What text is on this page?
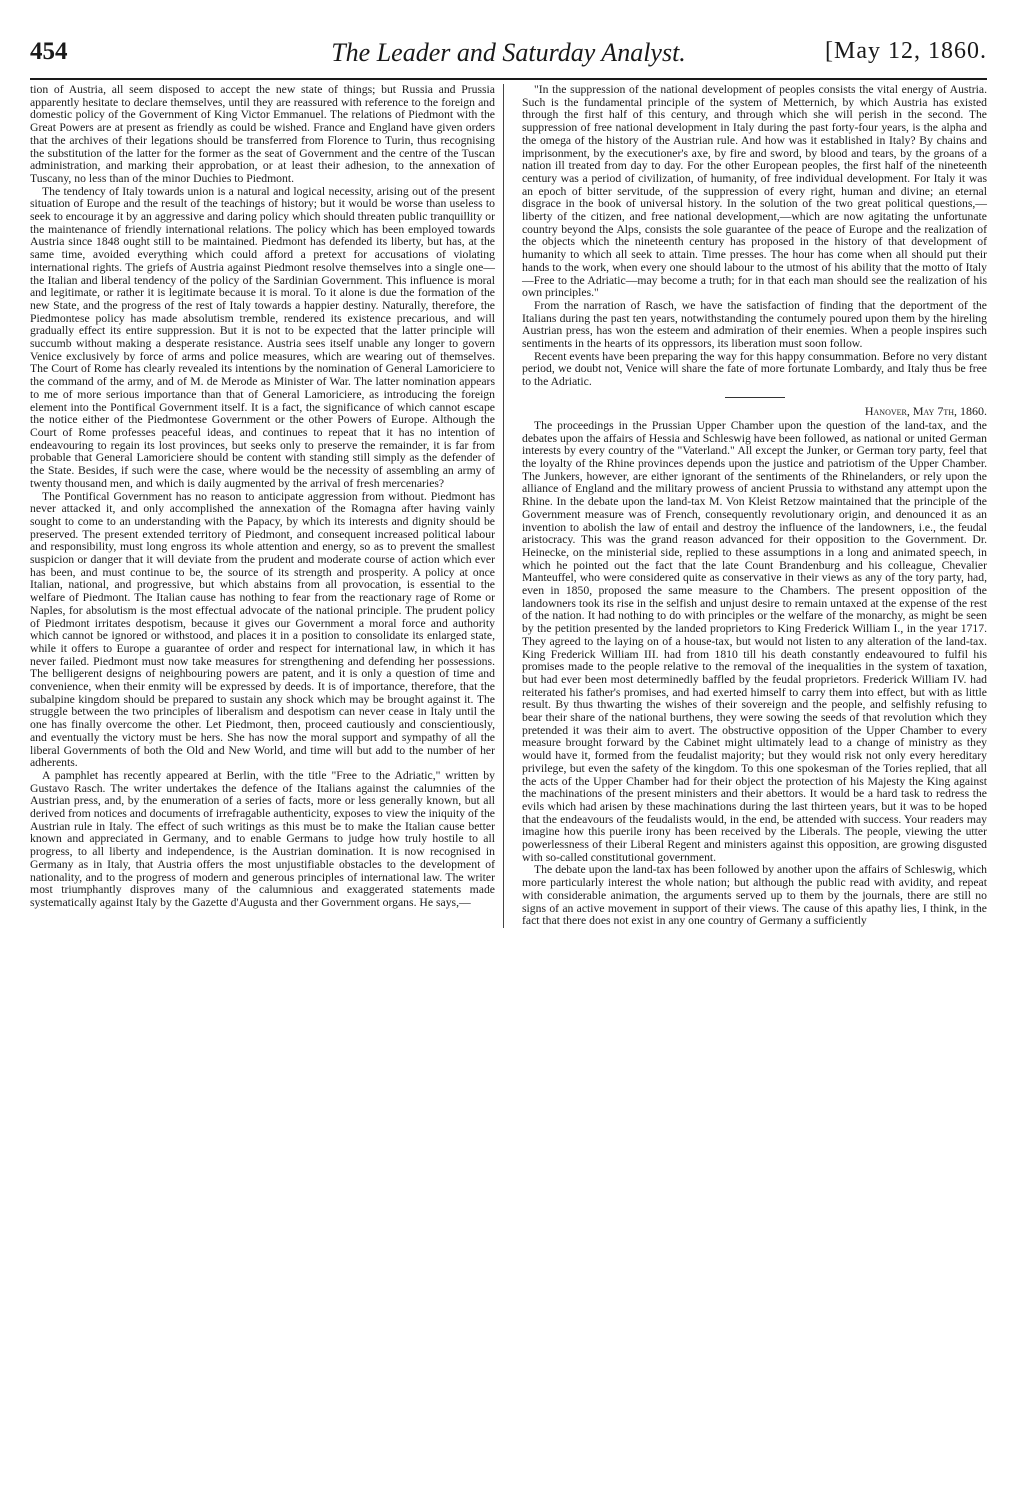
454	The Leader and Saturday Analyst.	[May 12, 1860.

tion of Austria, all seem disposed to accept the new state of things; but Russia and Prussia apparently hesitate to declare themselves, until they are reassured with reference to the foreign and domestic policy of the Government of King Victor Emmanuel. The relations of Piedmont with the Great Powers are at present as friendly as could be wished. France and England have given orders that the archives of their legations should be transferred from Florence to Turin, thus recognising the substitution of the latter for the former as the seat of Government and the centre of the Tuscan administration, and marking their approbation, or at least their adhesion, to the annexation of Tuscany, no less than of the minor Duchies to Piedmont.

The tendency of Italy towards union is a natural and logical necessity, arising out of the present situation of Europe and the result of the teachings of history; but it would be worse than useless to seek to encourage it by an aggressive and daring policy which should threaten public tranquillity or the maintenance of friendly international relations. The policy which has been employed towards Austria since 1848 ought still to be maintained. Piedmont has defended its liberty, but has, at the same time, avoided everything which could afford a pretext for accusations of violating international rights. The griefs of Austria against Piedmont resolve themselves into a single one—the Italian and liberal tendency of the policy of the Sardinian Government. This influence is moral and legitimate, or rather it is legitimate because it is moral. To it alone is due the formation of the new State, and the progress of the rest of Italy towards a happier destiny. Naturally, therefore, the Piedmontese policy has made absolutism tremble, rendered its existence precarious, and will gradually effect its entire suppression. But it is not to be expected that the latter principle will succumb without making a desperate resistance. Austria sees itself unable any longer to govern Venice exclusively by force of arms and police measures, which are wearing out of themselves. The Court of Rome has clearly revealed its intentions by the nomination of General Lamoriciere to the command of the army, and of M. de Merode as Minister of War. The latter nomination appears to me of more serious importance than that of General Lamoriciere, as introducing the foreign element into the Pontifical Government itself. It is a fact, the significance of which cannot escape the notice either of the Piedmontese Government or the other Powers of Europe. Although the Court of Rome professes peaceful ideas, and continues to repeat that it has no intention of endeavouring to regain its lost provinces, but seeks only to preserve the remainder, it is far from probable that General Lamoriciere should be content with standing still simply as the defender of the State. Besides, if such were the case, where would be the necessity of assembling an army of twenty thousand men, and which is daily augmented by the arrival of fresh mercenaries?

The Pontifical Government has no reason to anticipate aggression from without. Piedmont has never attacked it, and only accomplished the annexation of the Romagna after having vainly sought to come to an understanding with the Papacy, by which its interests and dignity should be preserved. The present extended territory of Piedmont, and consequent increased political labour and responsibility, must long engross its whole attention and energy, so as to prevent the smallest suspicion or danger that it will deviate from the prudent and moderate course of action which ever has been, and must continue to be, the source of its strength and prosperity. A policy at once Italian, national, and progressive, but which abstains from all provocation, is essential to the welfare of Piedmont. The Italian cause has nothing to fear from the reactionary rage of Rome or Naples, for absolutism is the most effectual advocate of the national principle. The prudent policy of Piedmont irritates despotism, because it gives our Government a moral force and authority which cannot be ignored or withstood, and places it in a position to consolidate its enlarged state, while it offers to Europe a guarantee of order and respect for international law, in which it has never failed. Piedmont must now take measures for strengthening and defending her possessions. The belligerent designs of neighbouring powers are patent, and it is only a question of time and convenience, when their enmity will be expressed by deeds. It is of importance, therefore, that the subalpine kingdom should be prepared to sustain any shock which may be brought against it. The struggle between the two principles of liberalism and despotism can never cease in Italy until the one has finally overcome the other. Let Piedmont, then, proceed cautiously and conscientiously, and eventually the victory must be hers. She has now the moral support and sympathy of all the liberal Governments of both the Old and New World, and time will but add to the number of her adherents.

A pamphlet has recently appeared at Berlin, with the title "Free to the Adriatic," written by Gustavo Rasch. The writer undertakes the defence of the Italians against the calumnies of the Austrian press, and, by the enumeration of a series of facts, more or less generally known, but all derived from notices and documents of irrefragable authenticity, exposes to view the iniquity of the Austrian rule in Italy. The effect of such writings as this must be to make the Italian cause better known and appreciated in Germany, and to enable Germans to judge how truly hostile to all progress, to all liberty and independence, is the Austrian domination. It is now recognised in Germany as in Italy, that Austria offers the most unjustifiable obstacles to the development of nationality, and to the progress of modern and generous principles of international law. The writer most triumphantly disproves many of the calumnious and exaggerated statements made systematically against Italy by the Gazette d'Augusta and ther Government organs. He says,—

"In the suppression of the national development of peoples consists the vital energy of Austria. Such is the fundamental principle of the system of Metternich, by which Austria has existed through the first half of this century, and through which she will perish in the second. The suppression of free national development in Italy during the past forty-four years, is the alpha and the omega of the history of the Austrian rule. And how was it established in Italy? By chains and imprisonment, by the executioner's axe, by fire and sword, by blood and tears, by the groans of a nation ill treated from day to day. For the other European peoples, the first half of the nineteenth century was a period of civilization, of humanity, of free individual development. For Italy it was an epoch of bitter servitude, of the suppression of every right, human and divine; an eternal disgrace in the book of universal history. In the solution of the two great political questions,—liberty of the citizen, and free national development,—which are now agitating the unfortunate country beyond the Alps, consists the sole guarantee of the peace of Europe and the realization of the objects which the nineteenth century has proposed in the history of that development of humanity to which all seek to attain. Time presses. The hour has come when all should put their hands to the work, when every one should labour to the utmost of his ability that the motto of Italy—Free to the Adriatic—may become a truth; for in that each man should see the realization of his own principles."

From the narration of Rasch, we have the satisfaction of finding that the deportment of the Italians during the past ten years, notwithstanding the contumely poured upon them by the hireling Austrian press, has won the esteem and admiration of their enemies. When a people inspires such sentiments in the hearts of its oppressors, its liberation must soon follow.

Recent events have been preparing the way for this happy consummation. Before no very distant period, we doubt not, Venice will share the fate of more fortunate Lombardy, and Italy thus be free to the Adriatic.

Hanover, May 7th, 1860.

The proceedings in the Prussian Upper Chamber upon the question of the land-tax, and the debates upon the affairs of Hessia and Schleswig have been followed, as national or united German interests by every country of the "Vaterland." All except the Junker, or German tory party, feel that the loyalty of the Rhine provinces depends upon the justice and patriotism of the Upper Chamber. The Junkers, however, are either ignorant of the sentiments of the Rhinelanders, or rely upon the alliance of England and the military prowess of ancient Prussia to withstand any attempt upon the Rhine. In the debate upon the land-tax M. Von Kleist Retzow maintained that the principle of the Government measure was of French, consequently revolutionary origin, and denounced it as an invention to abolish the law of entail and destroy the influence of the landowners, i.e., the feudal aristocracy. This was the grand reason advanced for their opposition to the Government. Dr. Heinecke, on the ministerial side, replied to these assumptions in a long and animated speech, in which he pointed out the fact that the late Count Brandenburg and his colleague, Chevalier Manteuffel, who were considered quite as conservative in their views as any of the tory party, had, even in 1850, proposed the same measure to the Chambers. The present opposition of the landowners took its rise in the selfish and unjust desire to remain untaxed at the expense of the rest of the nation. It had nothing to do with principles or the welfare of the monarchy, as might be seen by the petition presented by the landed proprietors to King Frederick William I., in the year 1717. They agreed to the laying on of a house-tax, but would not listen to any alteration of the land-tax. King Frederick William III. had from 1810 till his death constantly endeavoured to fulfil his promises made to the people relative to the removal of the inequalities in the system of taxation, but had ever been most determinedly baffled by the feudal proprietors. Frederick William IV. had reiterated his father's promises, and had exerted himself to carry them into effect, but with as little result. By thus thwarting the wishes of their sovereign and the people, and selfishly refusing to bear their share of the national burthens, they were sowing the seeds of that revolution which they pretended it was their aim to avert. The obstructive opposition of the Upper Chamber to every measure brought forward by the Cabinet might ultimately lead to a change of ministry as they would have it, formed from the feudalist majority; but they would risk not only every hereditary privilege, but even the safety of the kingdom. To this one spokesman of the Tories replied, that all the acts of the Upper Chamber had for their object the protection of his Majesty the King against the machinations of the present ministers and their abettors. It would be a hard task to redress the evils which had arisen by these machinations during the last thirteen years, but it was to be hoped that the endeavours of the feudalists would, in the end, be attended with success. Your readers may imagine how this puerile irony has been received by the Liberals. The people, viewing the utter powerlessness of their Liberal Regent and ministers against this opposition, are growing disgusted with so-called constitutional government.

The debate upon the land-tax has been followed by another upon the affairs of Schleswig, which more particularly interest the whole nation; but although the public read with avidity, and repeat with considerable animation, the arguments served up to them by the journals, there are still no signs of an active movement in support of their views. The cause of this apathy lies, I think, in the fact that there does not exist in any one country of Germany a sufficiently
